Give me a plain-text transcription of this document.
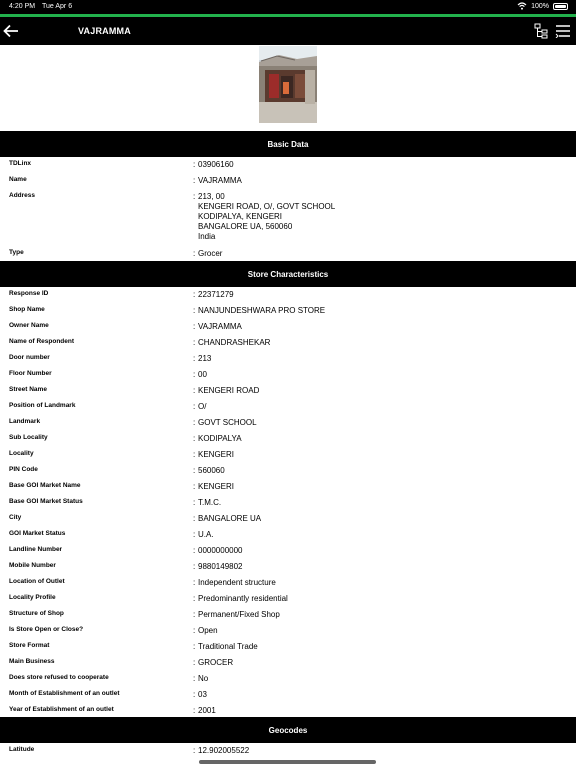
4:20 PM Tue Apr 6	100%
VAJRAMMA
Basic Data
TDLinx	: 03906160
Name	: VAJRAMMA
Address	: 213, 00
KENGERI ROAD, O/, GOVT SCHOOL
KODIPALYA, KENGERI
BANGALORE UA, 560060
India
Type	: Grocer
Store Characteristics
Response ID	: 22371279
Shop Name	: NANJUNDESHWARA PRO STORE
Owner Name	: VAJRAMMA
Name of Respondent	: CHANDRASHEKAR
Door number	: 213
Floor Number	: 00
Street Name	: KENGERI ROAD
Position of Landmark	: O/
Landmark	: GOVT SCHOOL
Sub Locality	: KODIPALYA
Locality	: KENGERI
PIN Code	: 560060
Base GOI Market Name	: KENGERI
Base GOI Market Status	: T.M.C.
City	: BANGALORE UA
GOI Market Status	: U.A.
Landline Number	: 0000000000
Mobile Number	: 9880149802
Location of Outlet	: Independent structure
Locality Profile	: Predominantly residential
Structure of Shop	: Permanent/Fixed Shop
Is Store Open or Close?	: Open
Store Format	: Traditional Trade
Main Business	: GROCER
Does store refused to cooperate	: No
Month of Establishment of an outlet	: 03
Year of Establishment of an outlet	: 2001
Geocodes
Latitude	: 12.902005522
